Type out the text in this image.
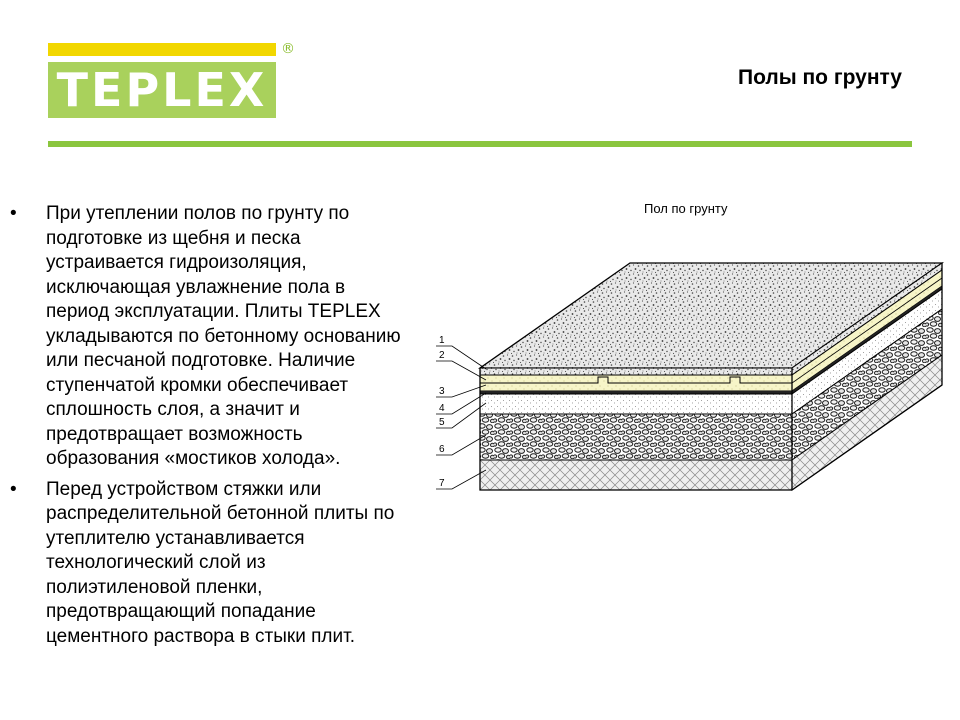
TEPLEX
®
Полы по грунту
• При утеплении полов по грунту по подготовке из щебня и песка устраивается гидроизоляция, исключающая увлажнение пола в период эксплуатации. Плиты TEPLEX укладываются по бетонному основанию или песчаной подготовке. Наличие ступенчатой кромки обеспечивает сплошность слоя, а значит и предотвращает возможность образования «мостиков холода».
• Перед устройством стяжки или распределительной бетонной плиты по утеплителю устанавливается технологический слой из полиэтиленовой пленки, предотвращающий попадание цементного раствора в стыки плит.
Пол по грунту
1
2
3
4
5
6
7
